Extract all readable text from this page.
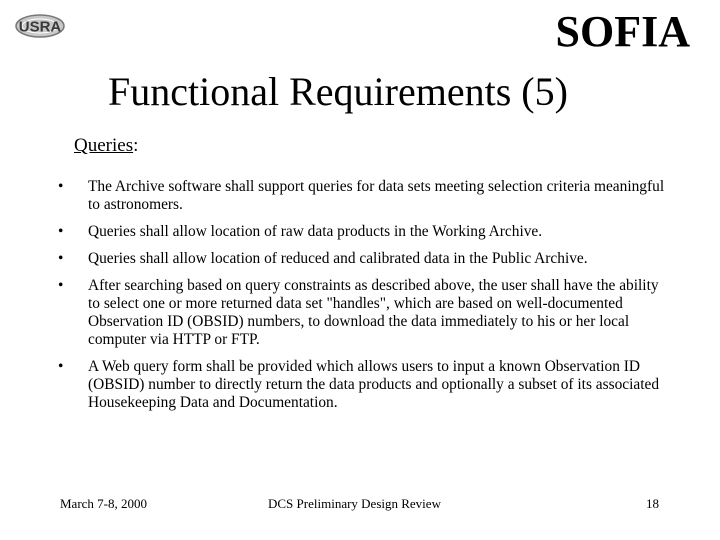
USRA	SOFIA
Functional Requirements (5)
Queries:
• The Archive software shall support queries for data sets meeting selection criteria meaningful to astronomers.
• Queries shall allow location of raw data products in the Working Archive.
• Queries shall allow location of reduced and calibrated data in the Public Archive.
• After searching based on query constraints as described above, the user shall have the ability to select one or more returned data set "handles", which are based on well-documented Observation ID (OBSID) numbers, to download the data immediately to his or her local computer via HTTP or FTP.
• A Web query form shall be provided which allows users to input a known Observation ID (OBSID) number to directly return the data products and optionally a subset of its associated Housekeeping Data and Documentation.
March 7-8, 2000	DCS Preliminary Design Review	18
